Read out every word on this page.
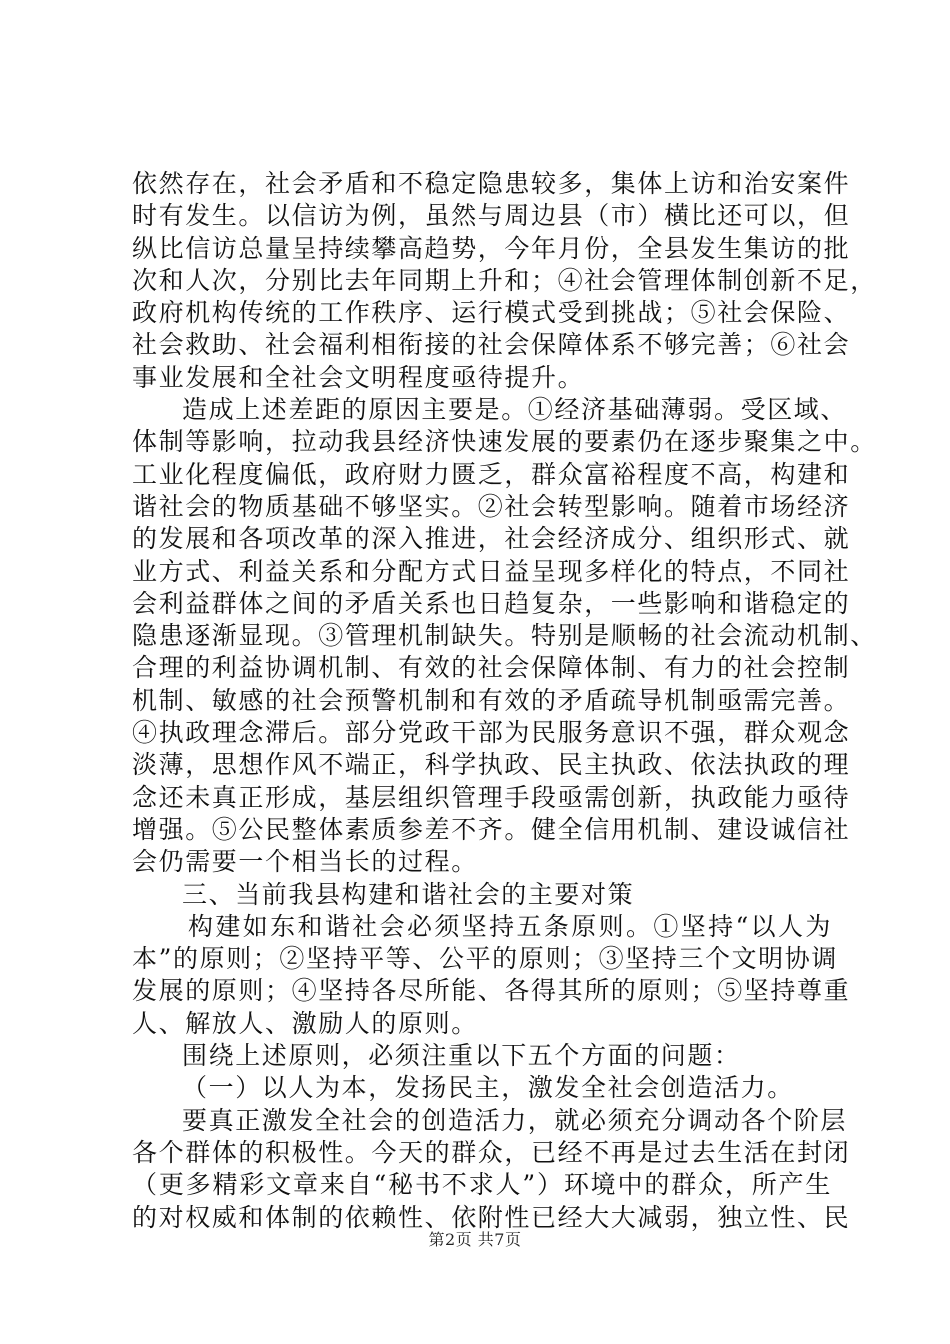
依然存在，社会矛盾和不稳定隐患较多，集体上访和治安案件
时有发生。以信访为例，虽然与周边县（市）横比还可以，但
纵比信访总量呈持续攀高趋势，今年月份，全县发生集访的批
次和人次，分别比去年同期上升和；④社会管理体制创新不足，
政府机构传统的工作秩序、运行模式受到挑战；⑤社会保险、
社会救助、社会福利相衔接的社会保障体系不够完善；⑥社会
事业发展和全社会文明程度亟待提升。
造成上述差距的原因主要是。①经济基础薄弱。受区域、
体制等影响，拉动我县经济快速发展的要素仍在逐步聚集之中。
工业化程度偏低，政府财力匮乏，群众富裕程度不高，构建和
谐社会的物质基础不够坚实。②社会转型影响。随着市场经济
的发展和各项改革的深入推进，社会经济成分、组织形式、就
业方式、利益关系和分配方式日益呈现多样化的特点，不同社
会利益群体之间的矛盾关系也日趋复杂，一些影响和谐稳定的
隐患逐渐显现。③管理机制缺失。特别是顺畅的社会流动机制、
合理的利益协调机制、有效的社会保障体制、有力的社会控制
机制、敏感的社会预警机制和有效的矛盾疏导机制亟需完善。
④执政理念滞后。部分党政干部为民服务意识不强，群众观念
淡薄，思想作风不端正，科学执政、民主执政、依法执政的理
念还未真正形成，基层组织管理手段亟需创新，执政能力亟待
增强。⑤公民整体素质参差不齐。健全信用机制、建设诚信社
会仍需要一个相当长的过程。
三、当前我县构建和谐社会的主要对策
构建如东和谐社会必须坚持五条原则。①坚持“以人为
本”的原则；②坚持平等、公平的原则；③坚持三个文明协调
发展的原则；④坚持各尽所能、各得其所的原则；⑤坚持尊重
人、解放人、激励人的原则。
围绕上述原则，必须注重以下五个方面的问题：
（一）以人为本，发扬民主，激发全社会创造活力。
要真正激发全社会的创造活力，就必须充分调动各个阶层
各个群体的积极性。今天的群众，已经不再是过去生活在封闭
（更多精彩文章来自“秘书不求人”）环境中的群众，所产生
的对权威和体制的依赖性、依附性已经大大减弱，独立性、民
第2页 共7页
